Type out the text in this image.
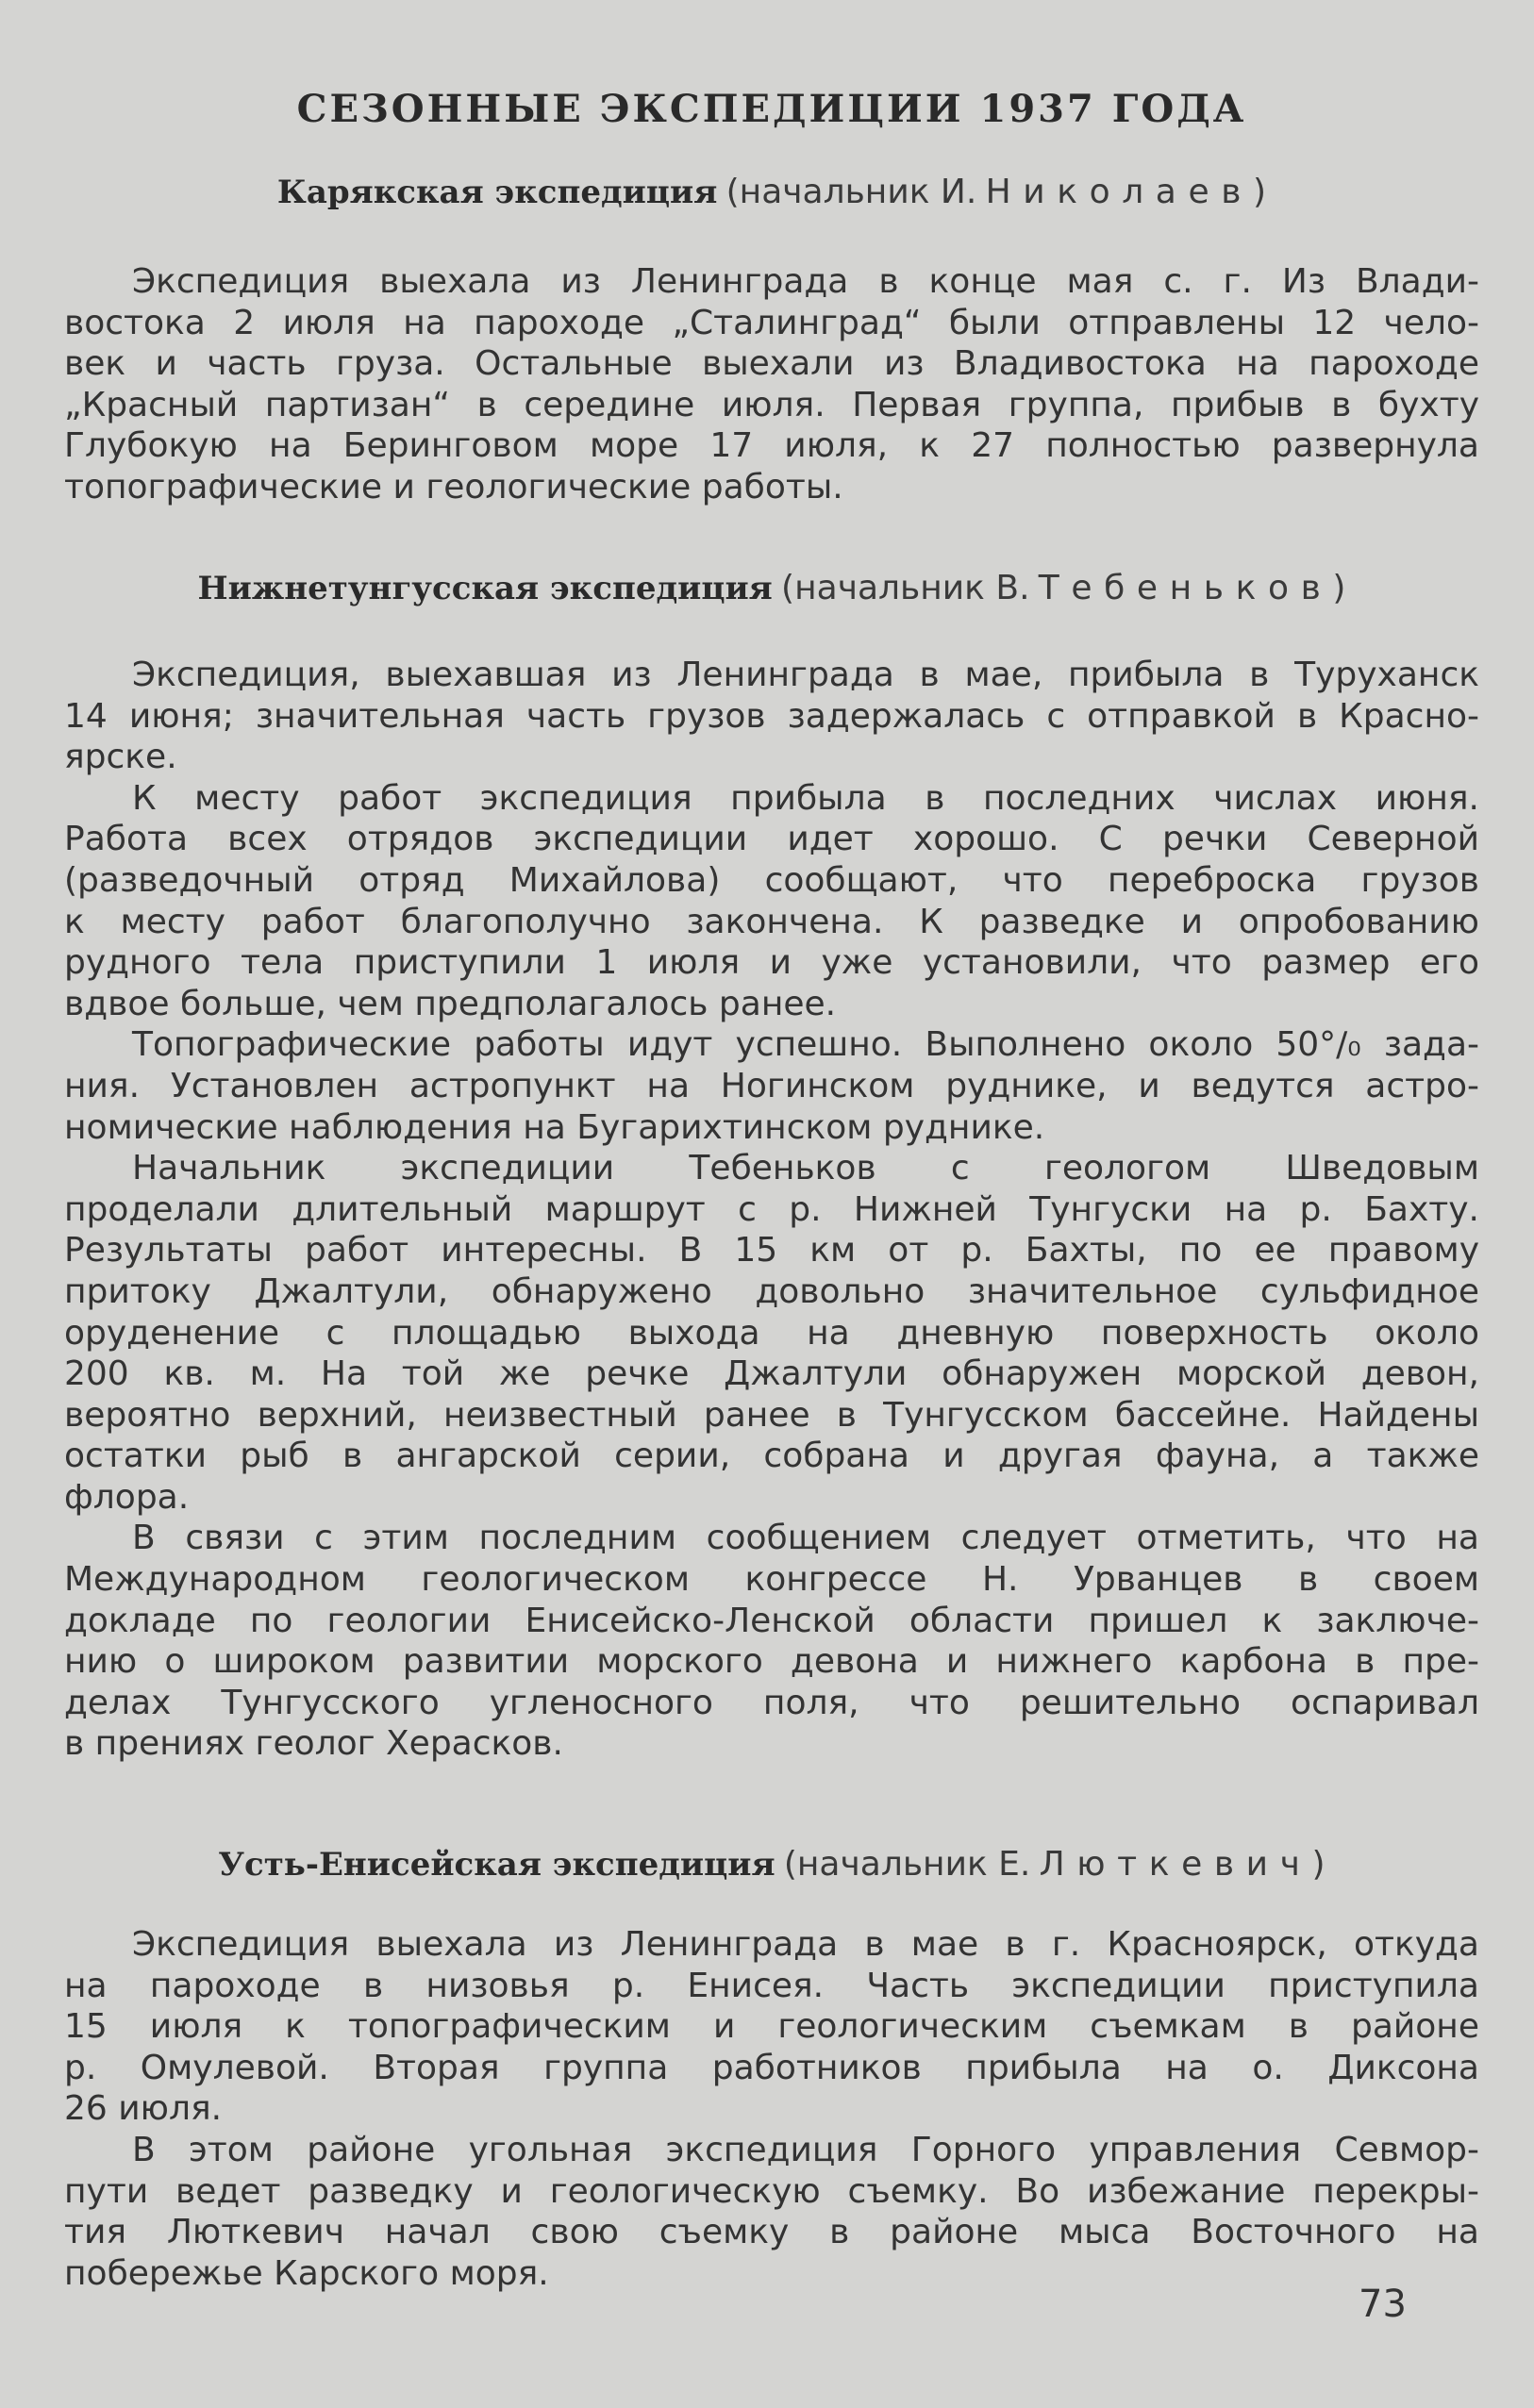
СЕЗОННЫЕ ЭКСПЕДИЦИИ 1937 ГОДА
Карякская экспедиция (начальник И. Николаев)
Экспедиция выехала из Ленинграда в конце мая с. г. Из Влади-
востока 2 июля на пароходе „Сталинград“ были отправлены 12 чело-
век и часть груза. Остальные выехали из Владивостока на пароходе
„Красный партизан“ в середине июля. Первая группа, прибыв в бухту
Глубокую на Беринговом море 17 июля, к 27 полностью развернула
топографические и геологические работы.
Нижнетунгусская экспедиция (начальник В. Тебеньков)
Экспедиция, выехавшая из Ленинграда в мае, прибыла в Туруханск
14 июня; значительная часть грузов задержалась с отправкой в Красно-
ярске.
К месту работ экспедиция прибыла в последних числах июня.
Работа всех отрядов экспедиции идет хорошо. С речки Северной
(разведочный отряд Михайлова) сообщают, что переброска грузов
к месту работ благополучно закончена. К разведке и опробованию
рудного тела приступили 1 июля и уже установили, что размер его
вдвое больше, чем предполагалось ранее.
Топографические работы идут успешно. Выполнено около 50°/₀ зада-
ния. Установлен астропункт на Ногинском руднике, и ведутся астро-
номические наблюдения на Бугарихтинском руднике.
Начальник экспедиции Тебеньков с геологом Шведовым
проделали длительный маршрут с р. Нижней Тунгуски на р. Бахту.
Результаты работ интересны. В 15 км от р. Бахты, по ее правому
притоку Джалтули, обнаружено довольно значительное сульфидное
оруденение с площадью выхода на дневную поверхность около
200 кв. м. На той же речке Джалтули обнаружен морской девон,
вероятно верхний, неизвестный ранее в Тунгусском бассейне. Найдены
остатки рыб в ангарской серии, собрана и другая фауна, а также
флора.
В связи с этим последним сообщением следует отметить, что на
Международном геологическом конгрессе Н. Урванцев в своем
докладе по геологии Енисейско-Ленской области пришел к заключе-
нию о широком развитии морского девона и нижнего карбона в пре-
делах Тунгусского угленосного поля, что решительно оспаривал
в прениях геолог Херасков.
Усть-Енисейская экспедиция (начальник Е. Люткевич)
Экспедиция выехала из Ленинграда в мае в г. Красноярск, откуда
на пароходе в низовья р. Енисея. Часть экспедиции приступила
15 июля к топографическим и геологическим съемкам в районе
р. Омулевой. Вторая группа работников прибыла на о. Диксона
26 июля.
В этом районе угольная экспедиция Горного управления Севмор-
пути ведет разведку и геологическую съемку. Во избежание перекры-
тия Люткевич начал свою съемку в районе мыса Восточного на
побережье Карского моря.
73
